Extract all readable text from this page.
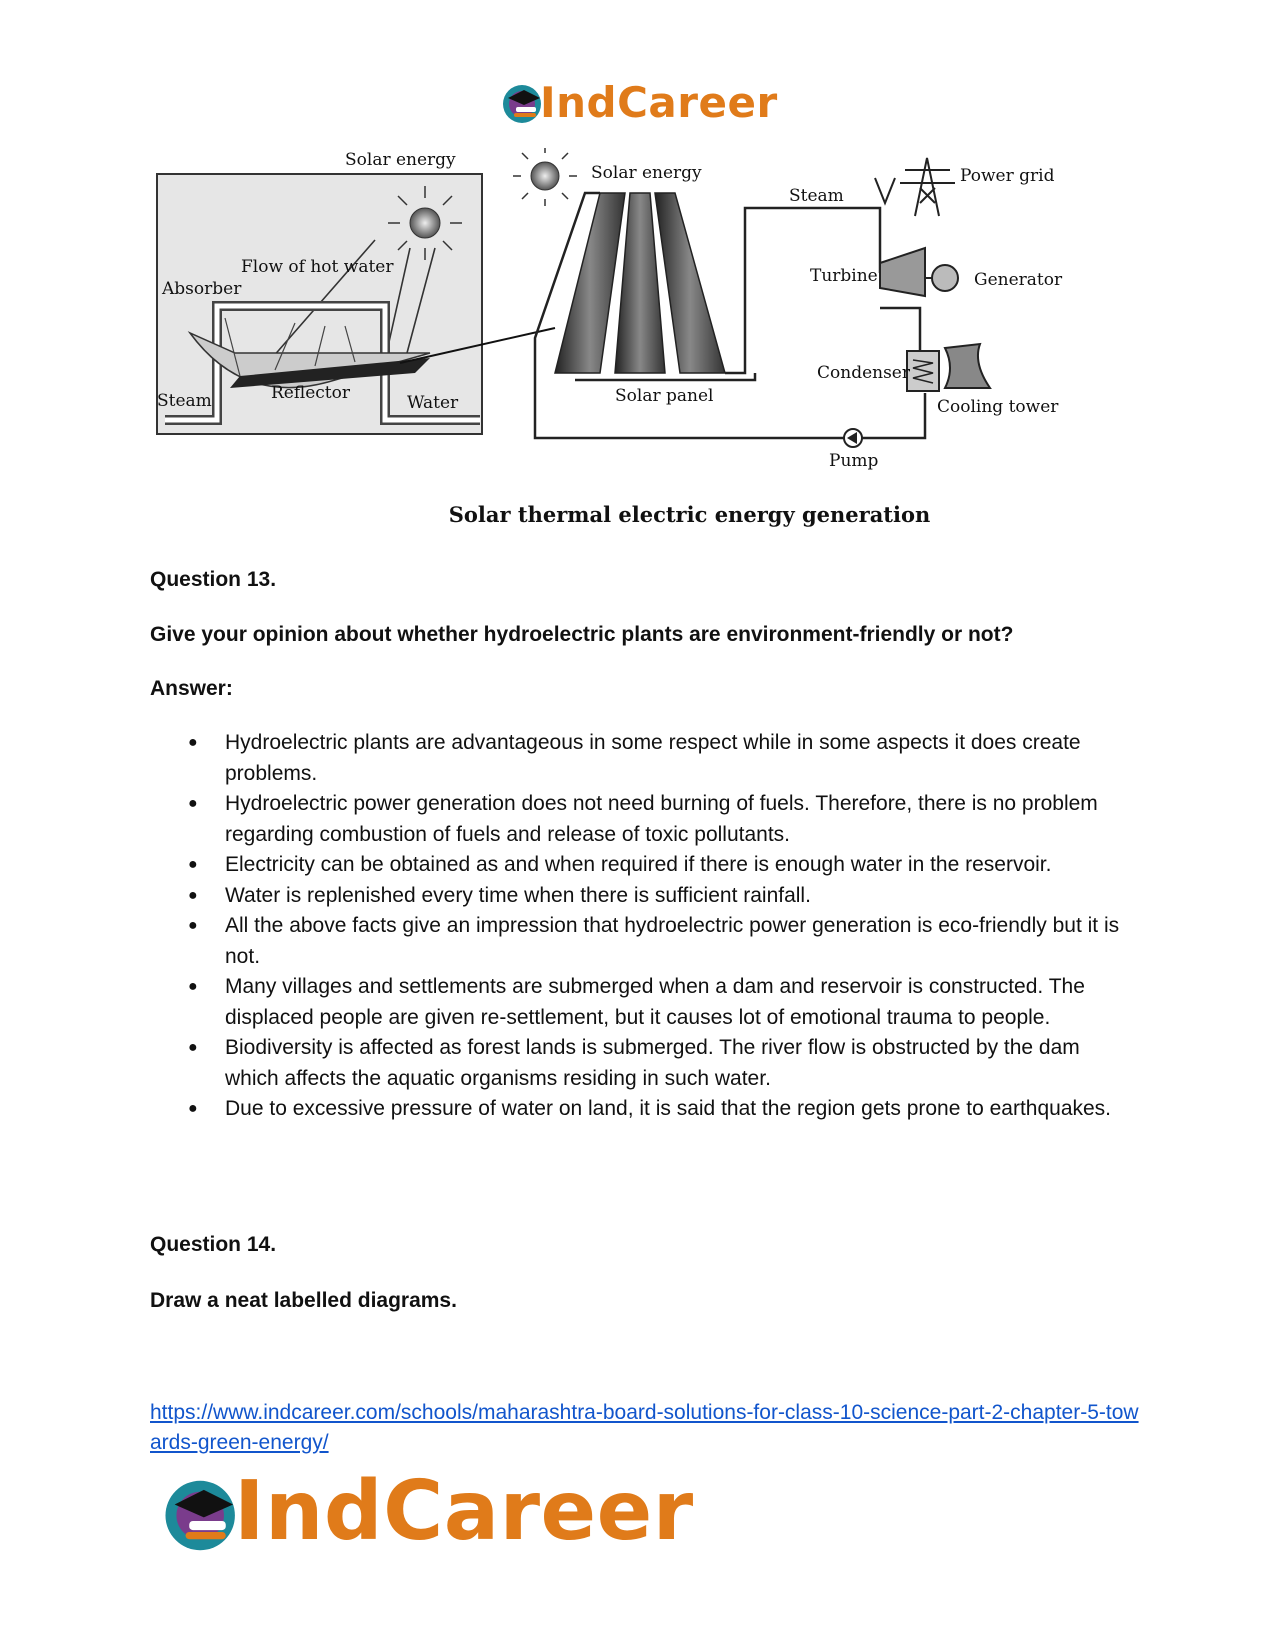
IndCareer
Solar energy
Flow of hot water
Absorber
Reflector
Steam	Water
Solar energy
Steam
Power grid
Turbine	Generator
Condenser
Cooling tower
Solar panel
Pump
Solar thermal electric energy generation
Question 13.
Give your opinion about whether hydroelectric plants are environment-friendly or not?
Answer:
● Hydroelectric plants are advantageous in some respect while in some aspects it does create problems.
● Hydroelectric power generation does not need burning of fuels. Therefore, there is no problem regarding combustion of fuels and release of toxic pollutants.
● Electricity can be obtained as and when required if there is enough water in the reservoir.
● Water is replenished every time when there is sufficient rainfall.
● All the above facts give an impression that hydroelectric power generation is eco-friendly but it is not.
● Many villages and settlements are submerged when a dam and reservoir is constructed. The displaced people are given re-settlement, but it causes lot of emotional trauma to people.
● Biodiversity is affected as forest lands is submerged. The river flow is obstructed by the dam which affects the aquatic organisms residing in such water.
● Due to excessive pressure of water on land, it is said that the region gets prone to earthquakes.
Question 14.
Draw a neat labelled diagrams.
https://www.indcareer.com/schools/maharashtra-board-solutions-for-class-10-science-part-2-chapter-5-towards-green-energy/
IndCareer
